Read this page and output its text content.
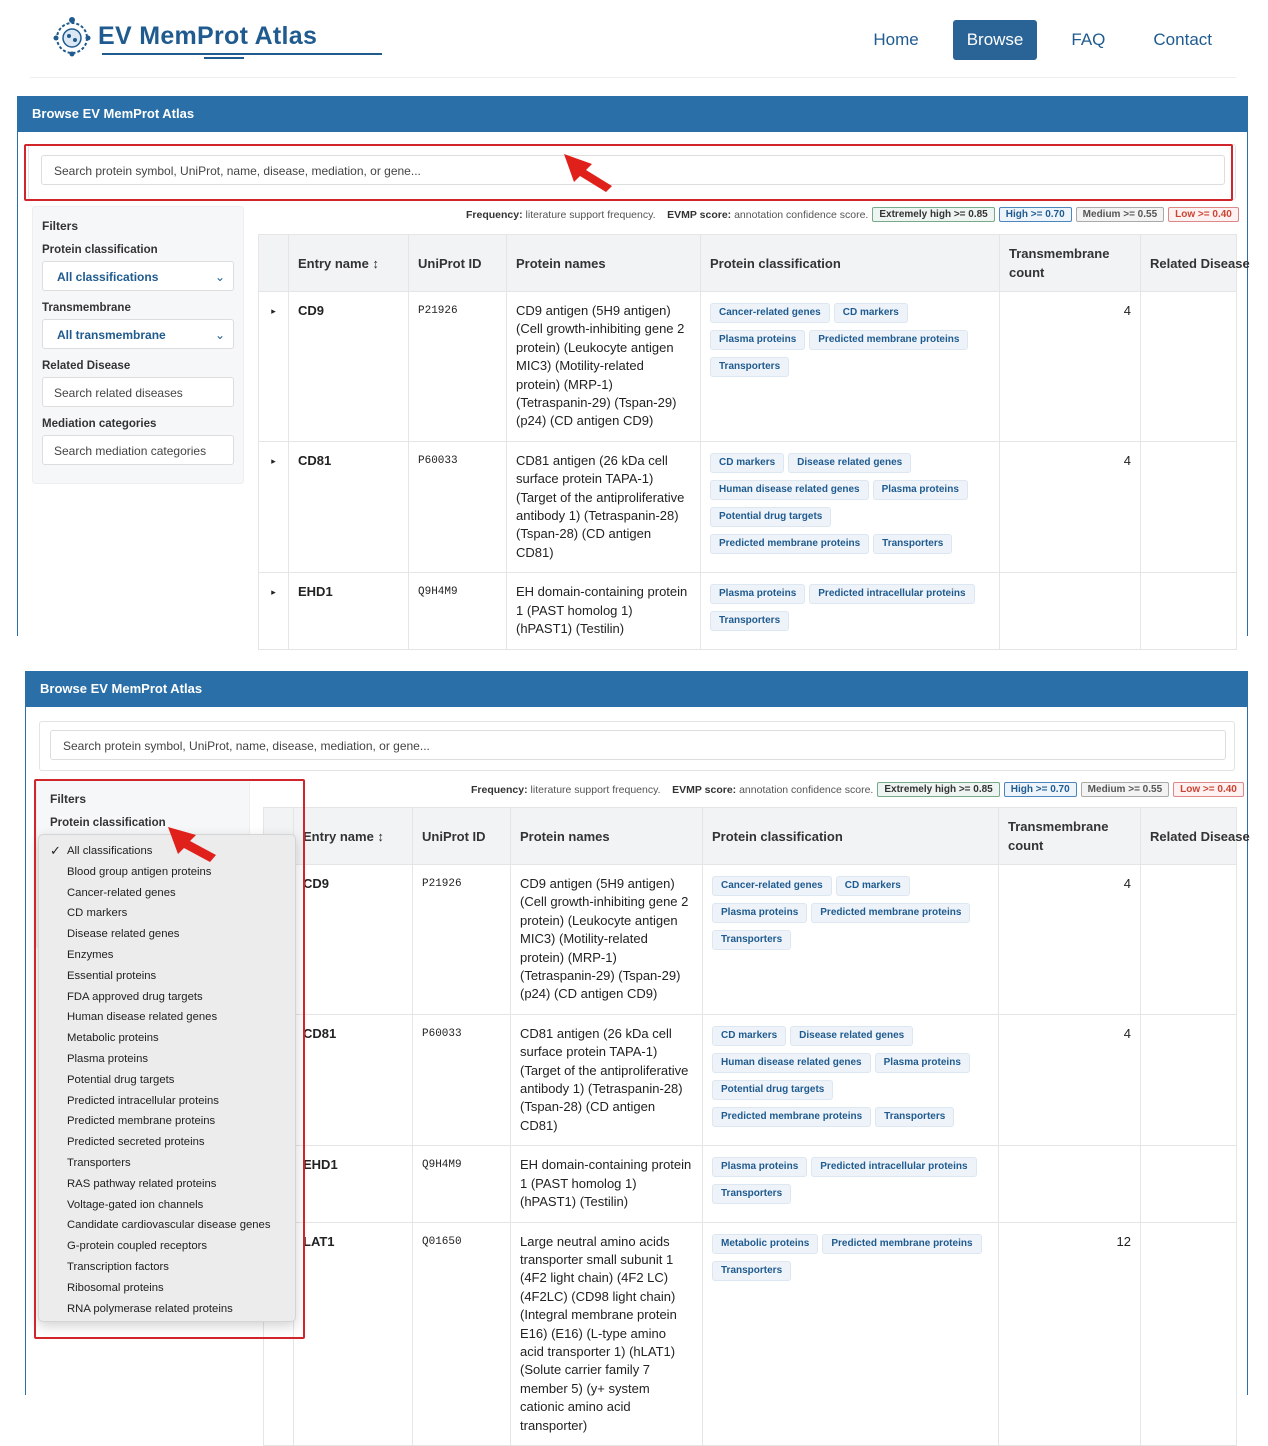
EV MemProt Atlas	Home	Browse	FAQ	Contact
Browse EV MemProt Atlas
Search protein symbol, UniProt, name, disease, mediation, or gene...
Filters
Protein classification
All classifications	⌄
Transmembrane
All transmembrane	⌄
Related Disease
Search related diseases
Mediation categories
Search mediation categories
Frequency:
literature support frequency.
EVMP score:
annotation confidence score.	Extremely high >= 0.85	High >= 0.70	Medium >= 0.55	Low >= 0.40
	Entry name ↕	UniProt ID	Protein names	Protein classification	Transmembrane count	Related Disease
▸	CD9	P21926	CD9 antigen (5H9 antigen) (Cell growth-inhibiting gene 2 protein) (Leukocyte antigen MIC3) (Motility-related protein) (MRP-1) (Tetraspanin-29) (Tspan-29) (p24) (CD antigen CD9)	Cancer-related genes CD markersPlasma proteins Predicted membrane proteinsTransporters	4	
▸	CD81	P60033	CD81 antigen (26 kDa cell surface protein TAPA-1) (Target of the antiproliferative antibody 1) (Tetraspanin-28) (Tspan-28) (CD antigen CD81)	CD markers Disease related genesHuman disease related genes Plasma proteinsPotential drug targetsPredicted membrane proteins Transporters	4	
▸	EHD1	Q9H4M9	EH domain-containing protein 1 (PAST homolog 1) (hPAST1) (Testilin)	Plasma proteins Predicted intracellular proteinsTransporters		
Browse EV MemProt Atlas
Search protein symbol, UniProt, name, disease, mediation, or gene...
Filters
Protein classification
Frequency:
literature support frequency.
EVMP score:
annotation confidence score.	Extremely high >= 0.85	High >= 0.70	Medium >= 0.55	Low >= 0.40
	Entry name ↕	UniProt ID	Protein names	Protein classification	Transmembrane count	Related Disease
	CD9	P21926	CD9 antigen (5H9 antigen) (Cell growth-inhibiting gene 2 protein) (Leukocyte antigen MIC3) (Motility-related protein) (MRP-1) (Tetraspanin-29) (Tspan-29) (p24) (CD antigen CD9)	Cancer-related genes CD markersPlasma proteins Predicted membrane proteinsTransporters	4	
	CD81	P60033	CD81 antigen (26 kDa cell surface protein TAPA-1) (Target of the antiproliferative antibody 1) (Tetraspanin-28) (Tspan-28) (CD antigen CD81)	CD markers Disease related genesHuman disease related genes Plasma proteinsPotential drug targetsPredicted membrane proteins Transporters	4	
	EHD1	Q9H4M9	EH domain-containing protein 1 (PAST homolog 1) (hPAST1) (Testilin)	Plasma proteins Predicted intracellular proteinsTransporters		
	LAT1	Q01650	Large neutral amino acids transporter small subunit 1 (4F2 light chain) (4F2 LC) (4F2LC) (CD98 light chain) (Integral membrane protein E16) (E16) (L-type amino acid transporter 1) (hLAT1) (Solute carrier family 7 member 5) (y+ system cationic amino acid transporter)	Metabolic proteins Predicted membrane proteinsTransporters	12	
✓ All classifications
Blood group antigen proteins
Cancer-related genes
CD markers
Disease related genes
Enzymes
Essential proteins
FDA approved drug targets
Human disease related genes
Metabolic proteins
Plasma proteins
Potential drug targets
Predicted intracellular proteins
Predicted membrane proteins
Predicted secreted proteins
Transporters
RAS pathway related proteins
Voltage-gated ion channels
Candidate cardiovascular disease genes
G-protein coupled receptors
Transcription factors
Ribosomal proteins
RNA polymerase related proteins
